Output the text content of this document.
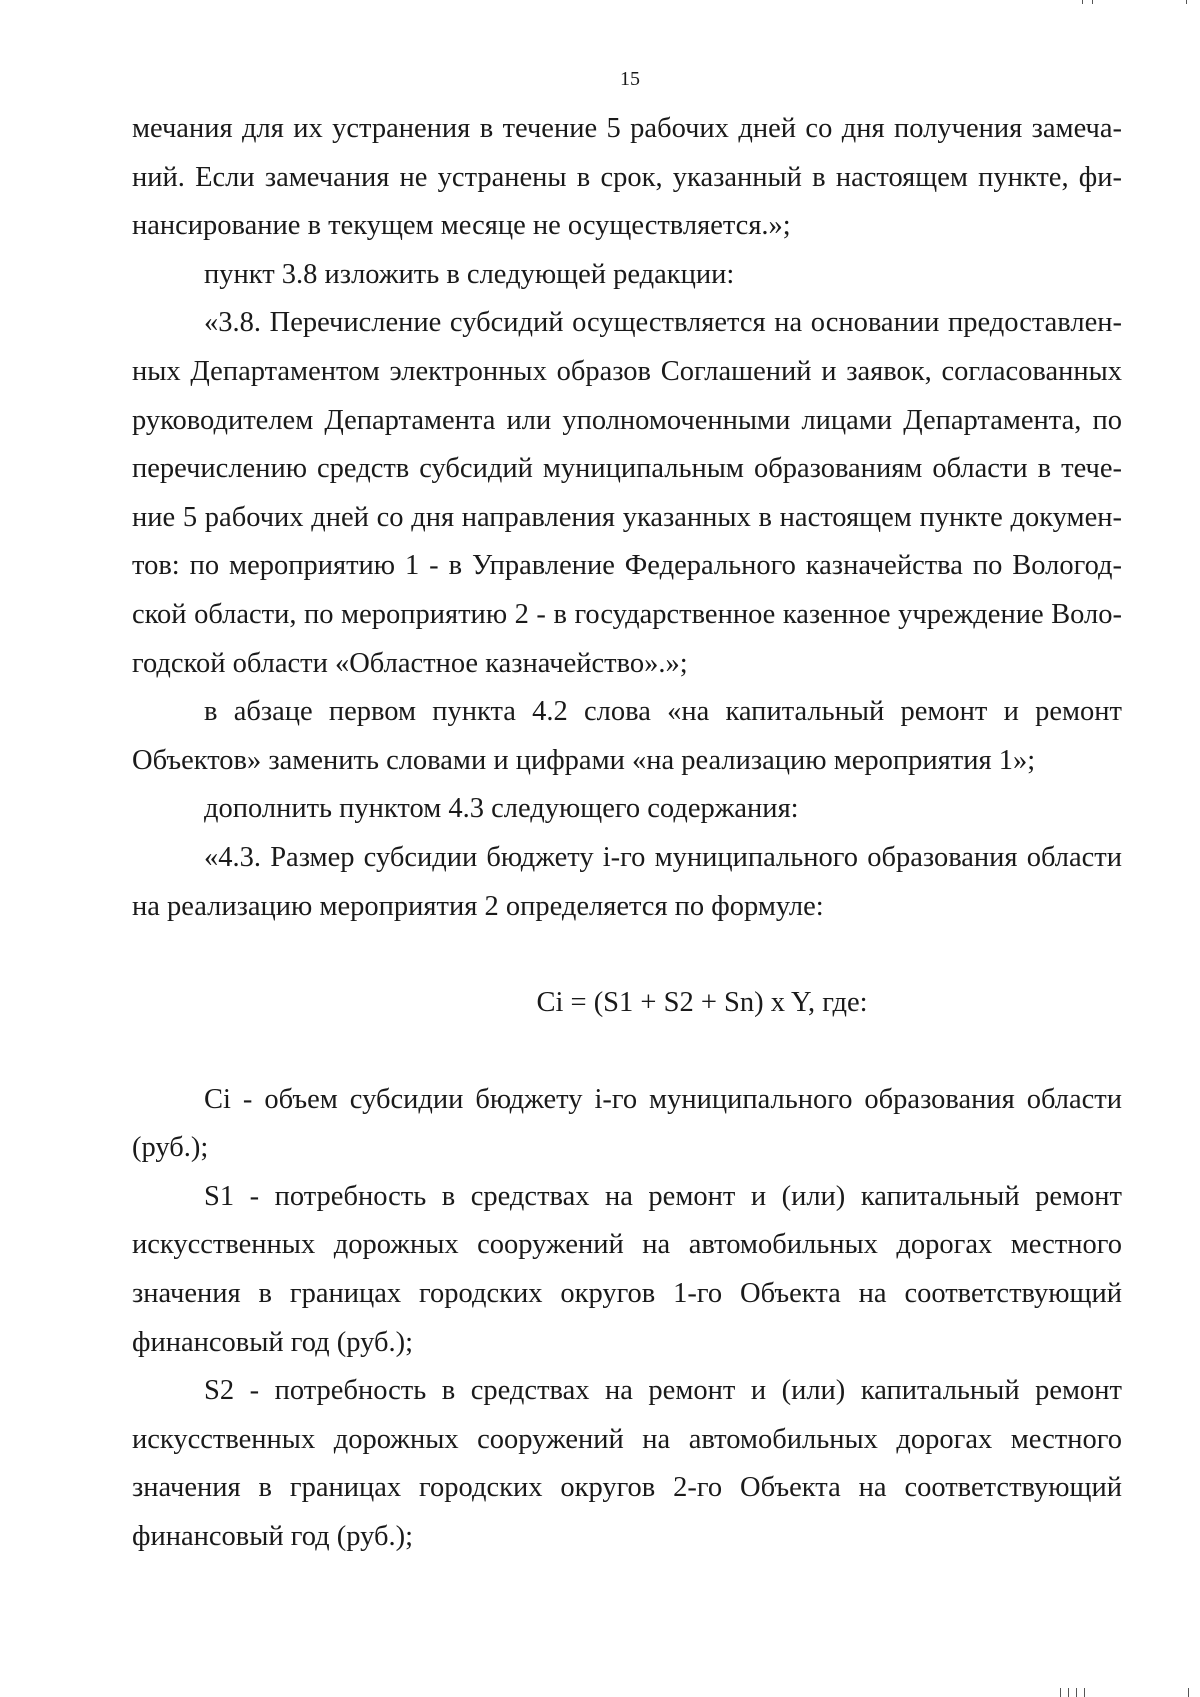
15

мечания для их устранения в течение 5 рабочих дней со дня получения замечаний. Если замечания не устранены в срок, указанный в настоящем пункте, финансирование в текущем месяце не осуществляется.»;

пункт 3.8 изложить в следующей редакции:

«3.8. Перечисление субсидий осуществляется на основании предоставленных Департаментом электронных образов Соглашений и заявок, согласованных руководителем Департамента или уполномоченными лицами Департамента, по перечислению средств субсидий муниципальным образованиям области в течение 5 рабочих дней со дня направления указанных в настоящем пункте документов: по мероприятию 1 - в Управление Федерального казначейства по Вологодской области, по мероприятию 2 - в государственное казенное учреждение Вологодской области «Областное казначейство».»;

в абзаце первом пункта 4.2 слова «на капитальный ремонт и ремонт Объектов» заменить словами и цифрами «на реализацию мероприятия 1»;

дополнить пунктом 4.3 следующего содержания:

«4.3. Размер субсидии бюджету i-го муниципального образования области на реализацию мероприятия 2 определяется по формуле:

Ci = (S1 + S2 + Sn) x Y, где:

Ci - объем субсидии бюджету i-го муниципального образования области (руб.);

S1 - потребность в средствах на ремонт и (или) капитальный ремонт искусственных дорожных сооружений на автомобильных дорогах местного значения в границах городских округов 1-го Объекта на соответствующий финансовый год (руб.);

S2 - потребность в средствах на ремонт и (или) капитальный ремонт искусственных дорожных сооружений на автомобильных дорогах местного значения в границах городских округов 2-го Объекта на соответствующий финансовый год (руб.);
